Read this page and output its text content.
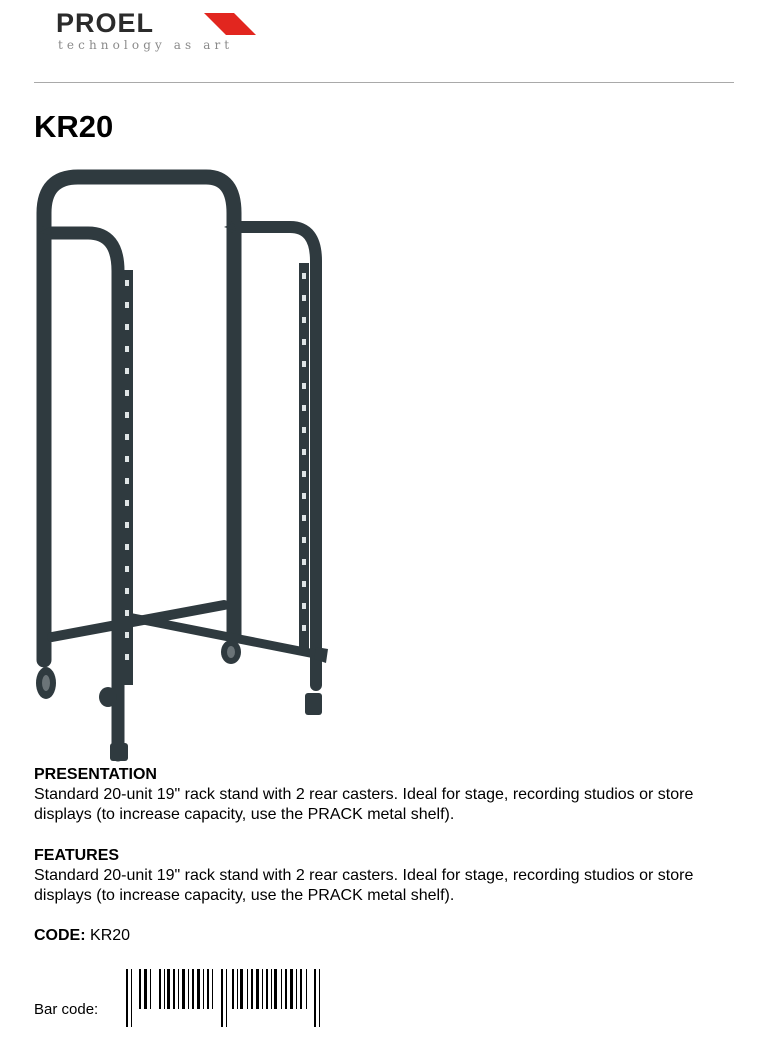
PROEL
technology as art
KR20
PRESENTATION

Standard 20-unit 19" rack stand with 2 rear casters. Ideal for stage, recording studios or store displays (to increase capacity, use the PRACK metal shelf).

FEATURES

Standard 20-unit 19" rack stand with 2 rear casters. Ideal for stage, recording studios or store displays (to increase capacity, use the PRACK metal shelf).

CODE: KR20
Bar code:
